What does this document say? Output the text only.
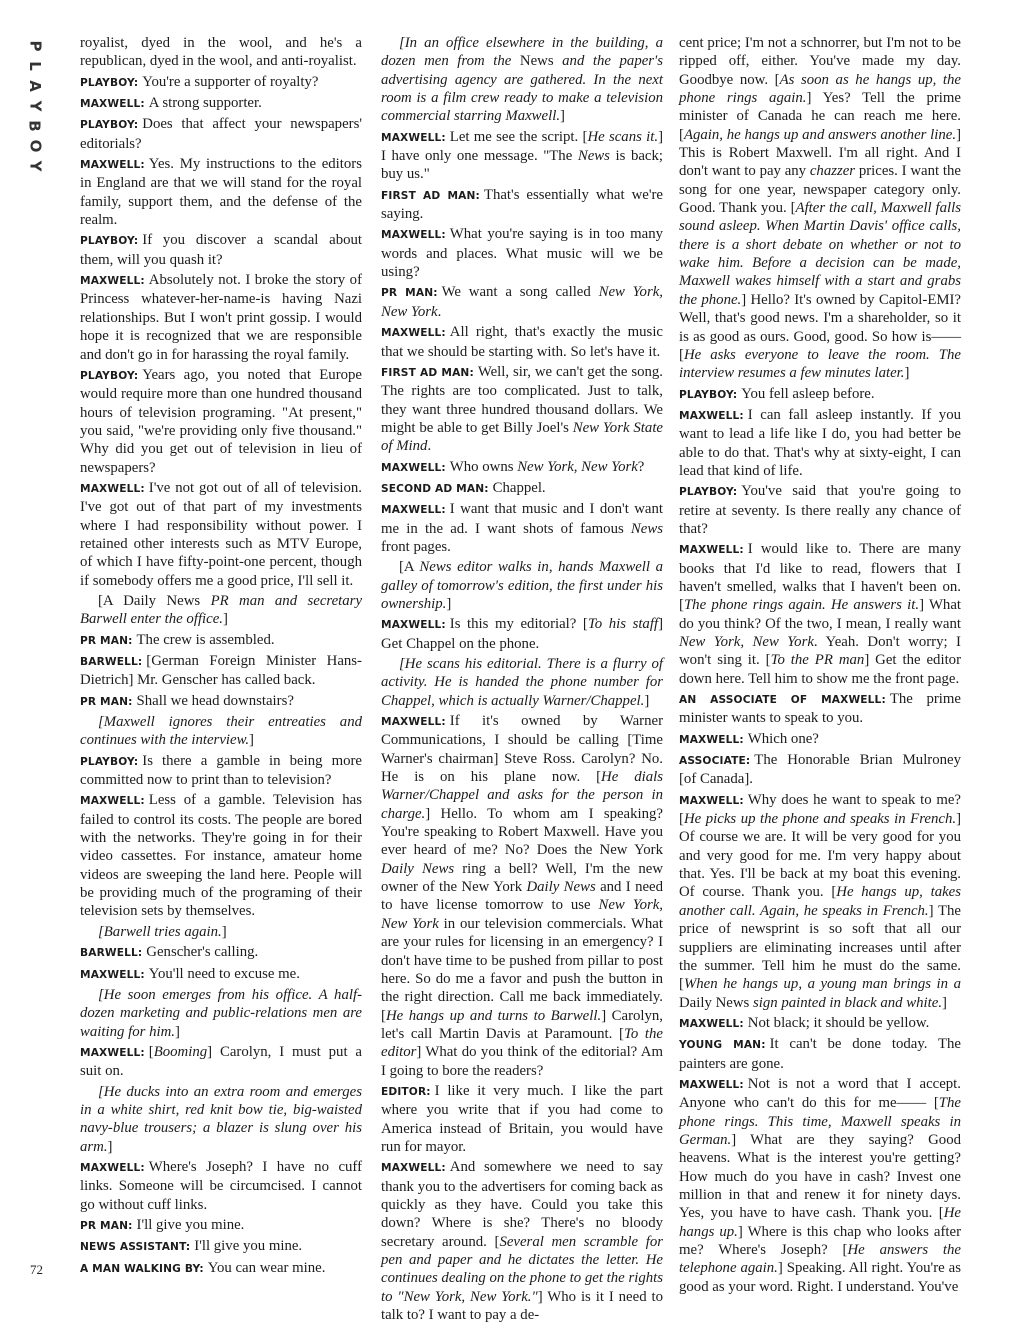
P
L
A
Y
B
O
Y
72

royalist, dyed in the wool, and he's a republican, dyed in the wool, and anti-royalist.

PLAYBOY: You're a supporter of royalty?

MAXWELL: A strong supporter.

PLAYBOY: Does that affect your newspapers' editorials?

MAXWELL: Yes. My instructions to the editors in England are that we will stand for the royal family, support them, and the defense of the realm.

PLAYBOY: If you discover a scandal about them, will you quash it?

MAXWELL: Absolutely not. I broke the story of Princess whatever-her-name-is having Nazi relationships. But I won't print gossip. I would hope it is recognized that we are responsible and don't go in for harassing the royal family.

PLAYBOY: Years ago, you noted that Europe would require more than one hundred thousand hours of television programing. "At present," you said, "we're providing only five thousand." Why did you get out of television in lieu of newspapers?

MAXWELL: I've not got out of all of television. I've got out of that part of my investments where I had responsibility without power. I retained other interests such as MTV Europe, of which I have fifty-point-one percent, though if somebody offers me a good price, I'll sell it.

[A Daily News PR man and secretary Barwell enter the office.]

PR MAN: The crew is assembled.

BARWELL: [German Foreign Minister Hans-Dietrich] Mr. Genscher has called back.

PR MAN: Shall we head downstairs?

[Maxwell ignores their entreaties and continues with the interview.]

PLAYBOY: Is there a gamble in being more committed now to print than to television?

MAXWELL: Less of a gamble. Television has failed to control its costs. The people are bored with the networks. They're going in for their video cassettes. For instance, amateur home videos are sweeping the land here. People will be providing much of the programing of their television sets by themselves.

[Barwell tries again.]

BARWELL: Genscher's calling.

MAXWELL: You'll need to excuse me.

[He soon emerges from his office. A half-dozen marketing and public-relations men are waiting for him.]

MAXWELL: [Booming] Carolyn, I must put a suit on.

[He ducks into an extra room and emerges in a white shirt, red knit bow tie, big-waisted navy-blue trousers; a blazer is slung over his arm.]

MAXWELL: Where's Joseph? I have no cuff links. Someone will be circumcised. I cannot go without cuff links.

PR MAN: I'll give you mine.

NEWS ASSISTANT: I'll give you mine.

A MAN WALKING BY: You can wear mine.

[In an office elsewhere in the building, a dozen men from the News and the paper's advertising agency are gathered. In the next room is a film crew ready to make a television commercial starring Maxwell.]

MAXWELL: Let me see the script. [He scans it.] I have only one message. "The News is back; buy us."

FIRST AD MAN: That's essentially what we're saying.

MAXWELL: What you're saying is in too many words and places. What music will we be using?

PR MAN: We want a song called New York, New York.

MAXWELL: All right, that's exactly the music that we should be starting with. So let's have it.

FIRST AD MAN: Well, sir, we can't get the song. The rights are too complicated. Just to talk, they want three hundred thousand dollars. We might be able to get Billy Joel's New York State of Mind.

MAXWELL: Who owns New York, New York?

SECOND AD MAN: Chappel.

MAXWELL: I want that music and I don't want me in the ad. I want shots of famous News front pages.

[A News editor walks in, hands Maxwell a galley of tomorrow's edition, the first under his ownership.]

MAXWELL: Is this my editorial? [To his staff] Get Chappel on the phone.

[He scans his editorial. There is a flurry of activity. He is handed the phone number for Chappel, which is actually Warner/Chappel.]

MAXWELL: If it's owned by Warner Communications, I should be calling [Time Warner's chairman] Steve Ross. Carolyn? No. He is on his plane now. [He dials Warner/Chappel and asks for the person in charge.] Hello. To whom am I speaking? You're speaking to Robert Maxwell. Have you ever heard of me? No? Does the New York Daily News ring a bell? Well, I'm the new owner of the New York Daily News and I need to have license tomorrow to use New York, New York in our television commercials. What are your rules for licensing in an emergency? I don't have time to be pushed from pillar to post here. So do me a favor and push the button in the right direction. Call me back immediately. [He hangs up and turns to Barwell.] Carolyn, let's call Martin Davis at Paramount. [To the editor] What do you think of the editorial? Am I going to bore the readers?

EDITOR: I like it very much. I like the part where you write that if you had come to America instead of Britain, you would have run for mayor.

MAXWELL: And somewhere we need to say thank you to the advertisers for coming back as quickly as they have. Could you take this down? Where is she? There's no bloody secretary around. [Several men scramble for pen and paper and he dictates the letter. He continues dealing on the phone to get the rights to "New York, New York."] Who is it I need to talk to? I want to pay a de-

cent price; I'm not a schnorrer, but I'm not to be ripped off, either. You've made my day. Goodbye now. [As soon as he hangs up, the phone rings again.] Yes? Tell the prime minister of Canada he can reach me here. [Again, he hangs up and answers another line.] This is Robert Maxwell. I'm all right. And I don't want to pay any chazzer prices. I want the song for one year, newspaper category only. Good. Thank you. [After the call, Maxwell falls sound asleep. When Martin Davis' office calls, there is a short debate on whether or not to wake him. Before a decision can be made, Maxwell wakes himself with a start and grabs the phone.] Hello? It's owned by Capitol-EMI? Well, that's good news. I'm a shareholder, so it is as good as ours. Good, good. So how is—— [He asks everyone to leave the room. The interview resumes a few minutes later.]

PLAYBOY: You fell asleep before.

MAXWELL: I can fall asleep instantly. If you want to lead a life like I do, you had better be able to do that. That's why at sixty-eight, I can lead that kind of life.

PLAYBOY: You've said that you're going to retire at seventy. Is there really any chance of that?

MAXWELL: I would like to. There are many books that I'd like to read, flowers that I haven't smelled, walks that I haven't been on. [The phone rings again. He answers it.] What do you think? Of the two, I mean, I really want New York, New York. Yeah. Don't worry; I won't sing it. [To the PR man] Get the editor down here. Tell him to show me the front page.

AN ASSOCIATE OF MAXWELL: The prime minister wants to speak to you.

MAXWELL: Which one?

ASSOCIATE: The Honorable Brian Mulroney [of Canada].

MAXWELL: Why does he want to speak to me? [He picks up the phone and speaks in French.] Of course we are. It will be very good for you and very good for me. I'm very happy about that. Yes. I'll be back at my boat this evening. Of course. Thank you. [He hangs up, takes another call. Again, he speaks in French.] The price of newsprint is so soft that all our suppliers are eliminating increases until after the summer. Tell him he must do the same. [When he hangs up, a young man brings in a Daily News sign painted in black and white.]

MAXWELL: Not black; it should be yellow.

YOUNG MAN: It can't be done today. The painters are gone.

MAXWELL: Not is not a word that I accept. Anyone who can't do this for me—— [The phone rings. This time, Maxwell speaks in German.] What are they saying? Good heavens. What is the interest you're getting? How much do you have in cash? Invest one million in that and renew it for ninety days. Yes, you have to have cash. Thank you. [He hangs up.] Where is this chap who looks after me? Where's Joseph? [He answers the telephone again.] Speaking. All right. You're as good as your word. Right. I understand. You've
